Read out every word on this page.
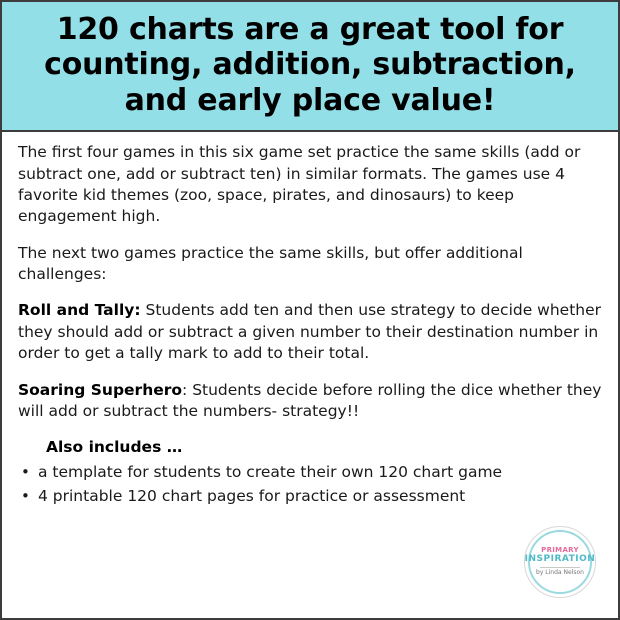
120 charts are a great tool for
counting, addition, subtraction,
and early place value!

The first four games in this six game set practice the same skills (add or subtract one, add or subtract ten) in similar formats. The games use 4 favorite kid themes (zoo, space, pirates, and dinosaurs) to keep engagement high.

The next two games practice the same skills, but offer additional challenges:

Roll and Tally: Students add ten and then use strategy to decide whether they should add or subtract a given number to their destination number in order to get a tally mark to add to their total.

Soaring Superhero: Students decide before rolling the dice whether they will add or subtract the numbers- strategy!!

Also includes …
• a template for students to create their own 120 chart game
• 4 printable 120 chart pages for practice or assessment
PRIMARY
INSPIRATION
by Linda Nelson
